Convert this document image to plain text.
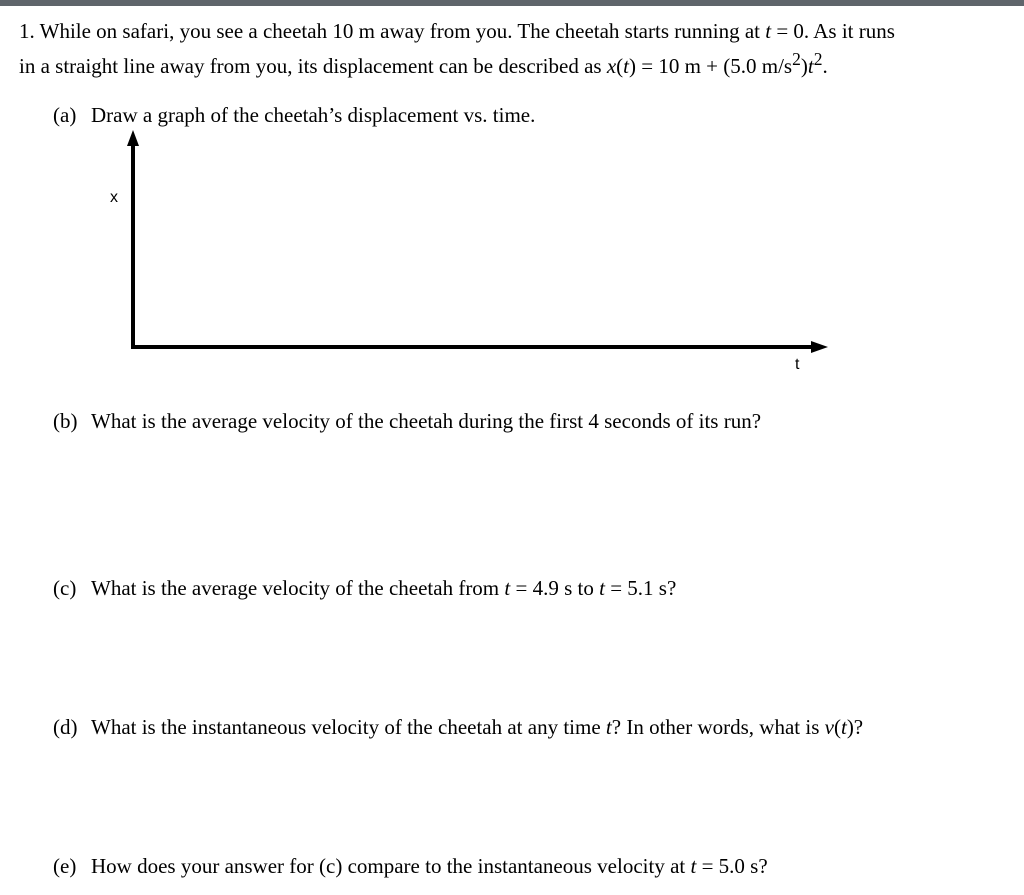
1. While on safari, you see a cheetah 10 m away from you. The cheetah starts running at t = 0. As it runs
in a straight line away from you, its displacement can be described as x(t) = 10 m + (5.0 $m/s^2)t^2$.
(a) Draw a graph of the cheetah’s displacement vs. time.
x
t
(b) What is the average velocity of the cheetah during the first 4 seconds of its run?
(c) What is the average velocity of the cheetah from t = 4.9 s to t = 5.1 s?
(d) What is the instantaneous velocity of the cheetah at any time t? In other words, what is v(t)?
(e) How does your answer for (c) compare to the instantaneous velocity at t = 5.0 s?
